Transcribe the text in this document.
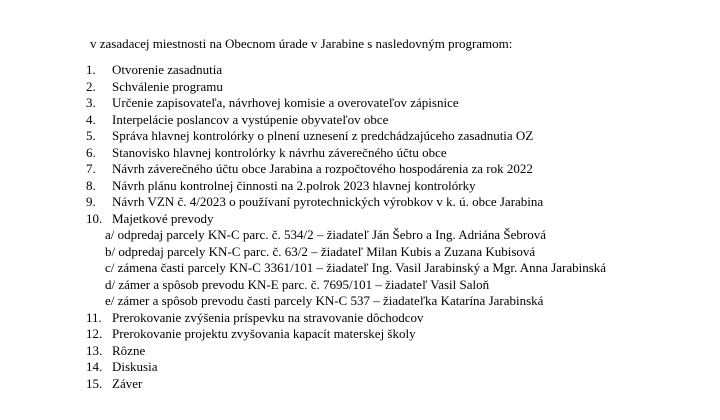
v zasadacej miestnosti na Obecnom úrade v Jarabine s nasledovným programom:
1. Otvorenie zasadnutia
2. Schválenie programu
3. Určenie zapisovateľa, návrhovej komisie a overovateľov zápisnice
4. Interpelácie poslancov a vystúpenie obyvateľov obce
5. Správa hlavnej kontrolórky o plnení uznesení z predchádzajúceho zasadnutia OZ
6. Stanovisko hlavnej kontrolórky k návrhu záverečného účtu obce
7. Návrh záverečného účtu obce Jarabina a rozpočtového hospodárenia za rok 2022
8. Návrh plánu kontrolnej činnosti na 2.polrok 2023 hlavnej kontrolórky
9. Návrh VZN č. 4/2023 o používaní pyrotechnických výrobkov v k. ú. obce Jarabina
10. Majetkové prevody
a/ odpredaj parcely KN-C parc. č. 534/2 – žiadateľ Ján Šebro a Ing. Adriána Šebrová
b/ odpredaj parcely KN-C parc. č. 63/2 – žiadateľ Milan Kubis a Zuzana Kubisová
c/ zámena časti parcely KN-C 3361/101 – žiadateľ Ing. Vasil Jarabinský a Mgr. Anna Jarabinská
d/ zámer a spôsob prevodu KN-E parc. č. 7695/101 – žiadateľ Vasil Saloň
e/ zámer a spôsob prevodu časti parcely KN-C 537 – žiadateľka Katarína Jarabinská
11. Prerokovanie zvýšenia príspevku na stravovanie dôchodcov
12. Prerokovanie projektu zvyšovania kapacít materskej školy
13. Rôzne
14. Diskusia
15. Záver
